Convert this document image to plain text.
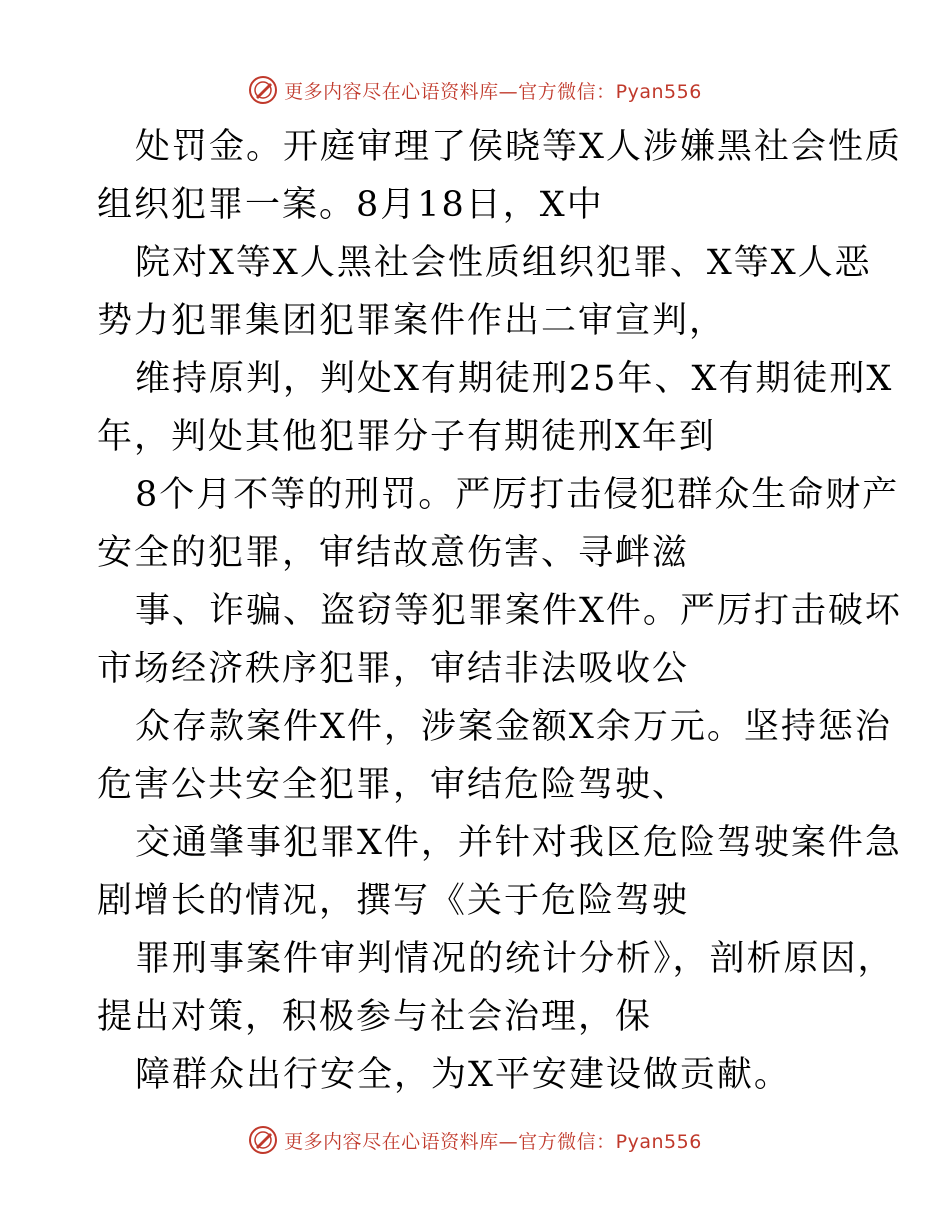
更多内容尽在心语资料库—官方微信：Pyan556
处罚金。开庭审理了侯晓等X人涉嫌黑社会性质
组织犯罪一案。8月18日，X中
院对X等X人黑社会性质组织犯罪、X等X人恶
势力犯罪集团犯罪案件作出二审宣判，
维持原判，判处X有期徒刑25年、X有期徒刑X
年，判处其他犯罪分子有期徒刑X年到
8个月不等的刑罚。严厉打击侵犯群众生命财产
安全的犯罪，审结故意伤害、寻衅滋
事、诈骗、盗窃等犯罪案件X件。严厉打击破坏
市场经济秩序犯罪，审结非法吸收公
众存款案件X件，涉案金额X余万元。坚持惩治
危害公共安全犯罪，审结危险驾驶、
交通肇事犯罪X件，并针对我区危险驾驶案件急
剧增长的情况，撰写《关于危险驾驶
罪刑事案件审判情况的统计分析》，剖析原因，
提出对策，积极参与社会治理，保
障群众出行安全，为X平安建设做贡献。
更多内容尽在心语资料库—官方微信：Pyan556
